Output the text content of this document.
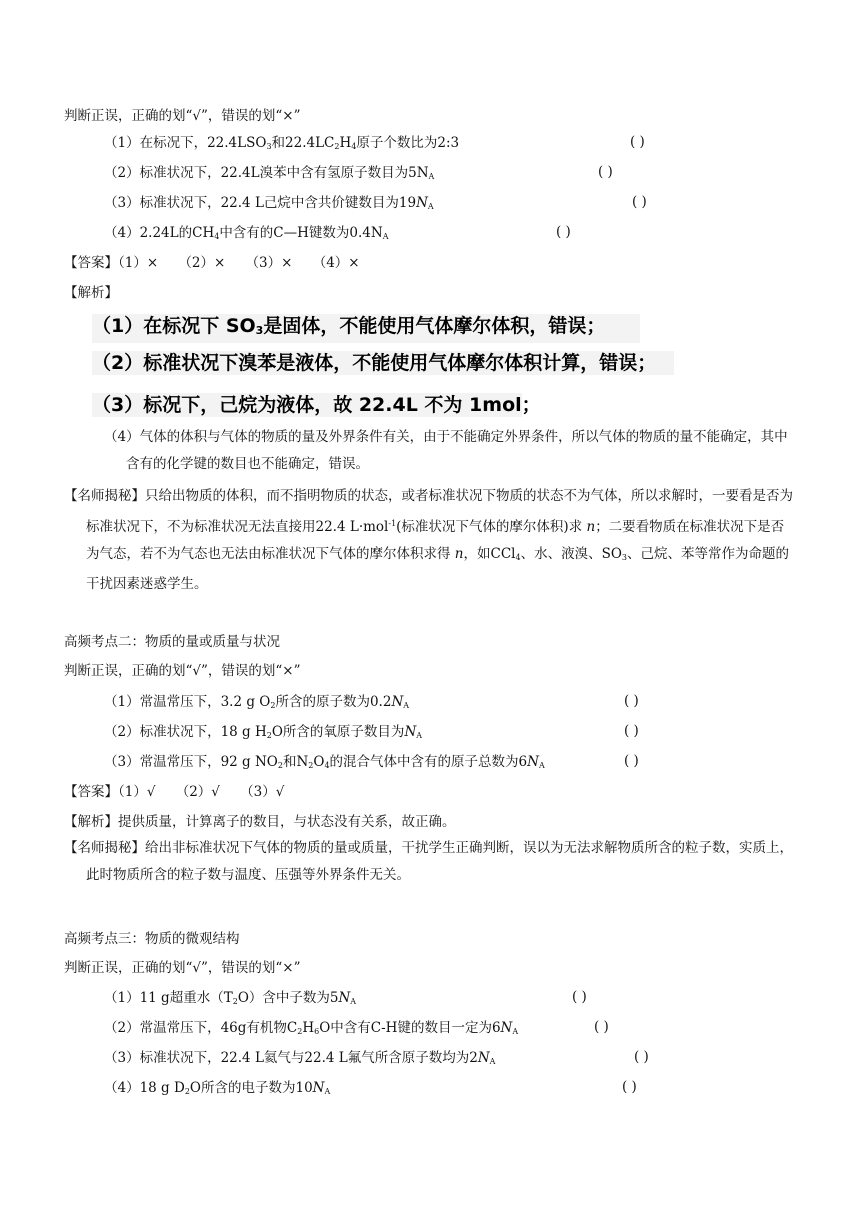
判断正误，正确的划“√”，错误的划“×”
（1）在标况下，$22.4LSO_3$和$22.4LC_2H_4$原子个数比为2:3	( )
（2）标准状况下，22.4L溴苯中含有氢原子数目为$5N_A$	( )
（3）标准状况下，22.4 L己烷中含共价键数目为$19N_A$	( )
（4）2.24L的$CH_4$中含有的C—H键数为$0.4N_A$	( )
【答案】（1）×　　（2）×　　（3）×　　（4）×
【解析】
（1）在标况下 $SO_3$是固体，不能使用气体摩尔体积，错误；
（2）标准状况下溴苯是液体，不能使用气体摩尔体积计算，错误；
（3）标况下，己烷为液体，故 22.4L 不为 1mol；
（4）气体的体积与气体的物质的量及外界条件有关，由于不能确定外界条件，所以气体的物质的量不能确定，其中含有的化学键的数目也不能确定，错误。
【名师揭秘】只给出物质的体积，而不指明物质的状态，或者标准状况下物质的状态不为气体，所以求解时，一要看是否为标准状况下，不为标准状况无法直接用22.4 L·mol$^{-1}$(标准状况下气体的摩尔体积)求 n；二要看物质在标准状况下是否为气态，若不为气态也无法由标准状况下气体的摩尔体积求得 n，如CCl$_4$、水、液溴、$SO_3$、己烷、苯等常作为命题的干扰因素迷惑学生。
高频考点二：物质的量或质量与状况
判断正误，正确的划“√”，错误的划“×”
（1）常温常压下，3.2 g $O_2$所含的原子数为$0.2N_A$	( )
（2）标准状况下，18 g $H_2O$所含的氧原子数目为$N_A$	( )
（3）常温常压下，92 g $NO_2$和$N_2O_4$的混合气体中含有的原子总数为$6N_A$	( )
【答案】（1）√　　（2）√　　（3）√
【解析】提供质量，计算离子的数目，与状态没有关系，故正确。
【名师揭秘】给出非标准状况下气体的物质的量或质量，干扰学生正确判断，误以为无法求解物质所含的粒子数，实质上，此时物质所含的粒子数与温度、压强等外界条件无关。
高频考点三：物质的微观结构
判断正误，正确的划“√”，错误的划“×”
（1）11 g超重水$(T_2O)$含中子数为$5N_A$	( )
（2）常温常压下，46g有机物$C_2H_6O$中含有C-H键的数目一定为$6N_A$	( )
（3）标准状况下，22.4 L氦气与22.4 L氟气所含原子数均为$2N_A$	( )
（4）18 g $D_2O$所含的电子数为$10N_A$	( )
